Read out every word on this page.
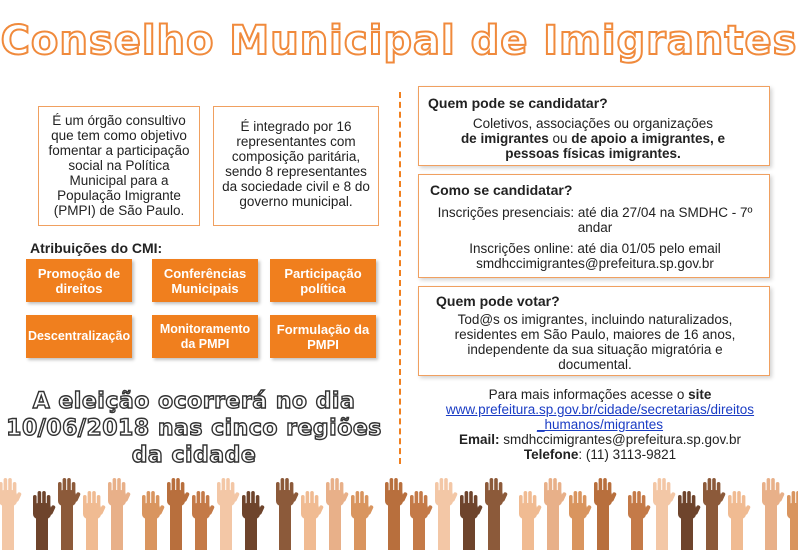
Conselho Municipal de Imigrantes
É um órgão consultivo que tem como objetivo fomentar a participação social na Política Municipal para a População Imigrante (PMPI) de São Paulo.
É integrado por 16 representantes com composição paritária, sendo 8 representantes da sociedade civil e 8 do governo municipal.
Atribuições do CMI:
Promoção de direitos
Conferências Municipais
Participação política
Descentralização
Monitoramento da PMPI
Formulação da PMPI
A eleição ocorrerá no dia
10/06/2018 nas cinco regiões
da cidade
Quem pode se candidatar?
Coletivos, associações ou organizações
de imigrantes ou de apoio a imigrantes, e
pessoas físicas imigrantes.
Como se candidatar?
Inscrições presenciais: até dia 27/04 na SMDHC - 7º andar
Inscrições online: até dia 01/05 pelo email smdhccimigrantes@prefeitura.sp.gov.br
Quem pode votar?
Tod@s os imigrantes, incluindo naturalizados, residentes em São Paulo, maiores de 16 anos, independente da sua situação migratória e documental.
Para mais informações acesse o site
www.prefeitura.sp.gov.br/cidade/secretarias/direitos
_humanos/migrantes
Email: smdhccimigrantes@prefeitura.sp.gov.br
Telefone: (11) 3113-9821
